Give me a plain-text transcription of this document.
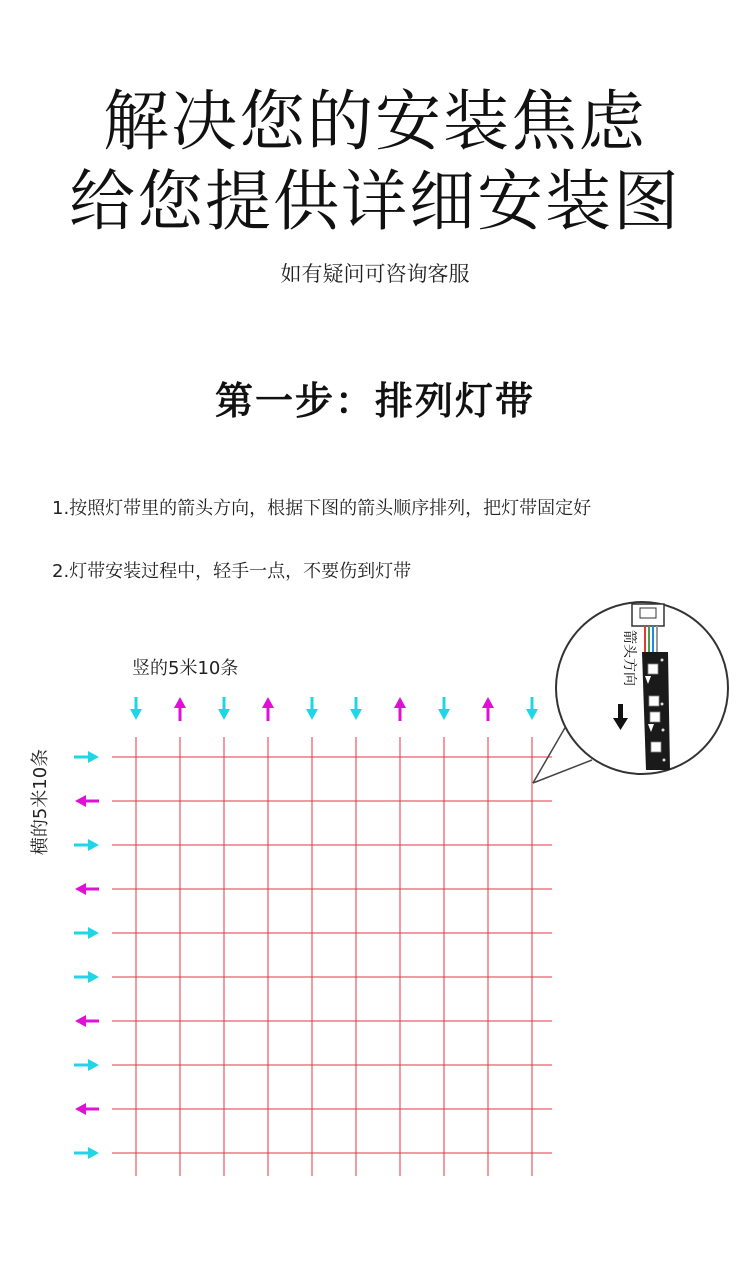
解决您的安装焦虑
给您提供详细安装图
如有疑问可咨询客服
第一步：排列灯带
1.按照灯带里的箭头方向，根据下图的箭头顺序排列，把灯带固定好
2.灯带安装过程中，轻手一点，不要伤到灯带
箭头方向
竖的5米10条
横的5米10条
